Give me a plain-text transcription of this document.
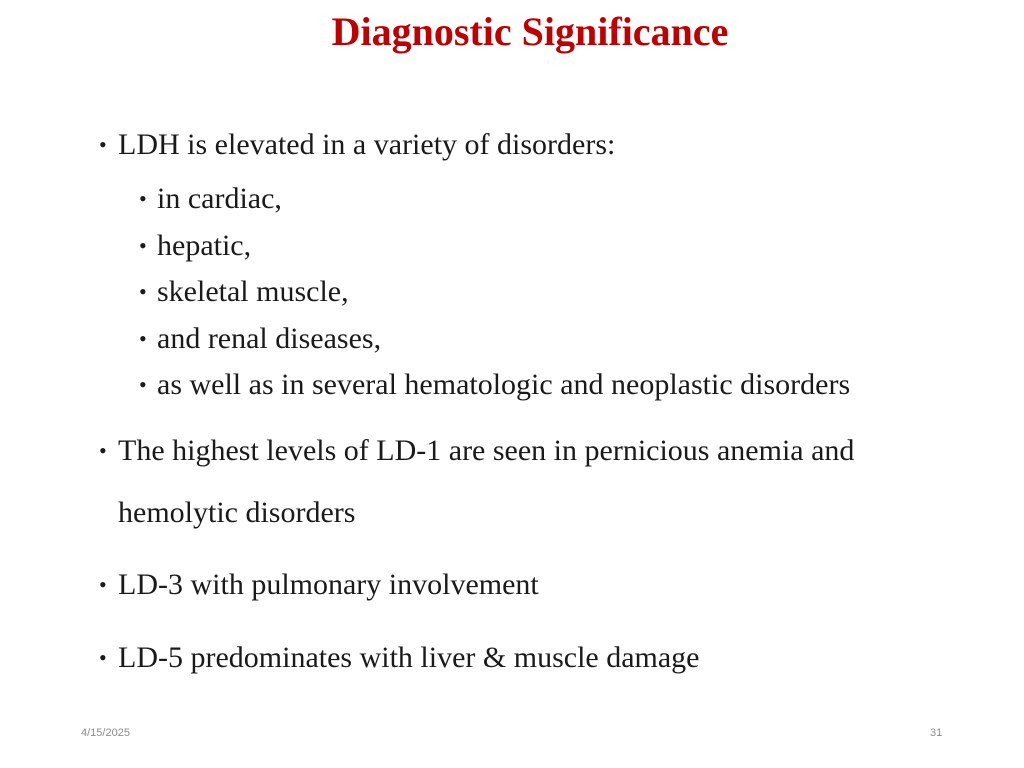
Diagnostic Significance
• LDH is elevated in a variety of disorders:
• in cardiac,
• hepatic,
• skeletal muscle,
• and renal diseases,
• as well as in several hematologic and neoplastic disorders
• The highest levels of LD-1 are seen in pernicious anemia and
hemolytic disorders
• LD-3 with pulmonary involvement
• LD-5 predominates with liver & muscle damage
4/15/2025	31
